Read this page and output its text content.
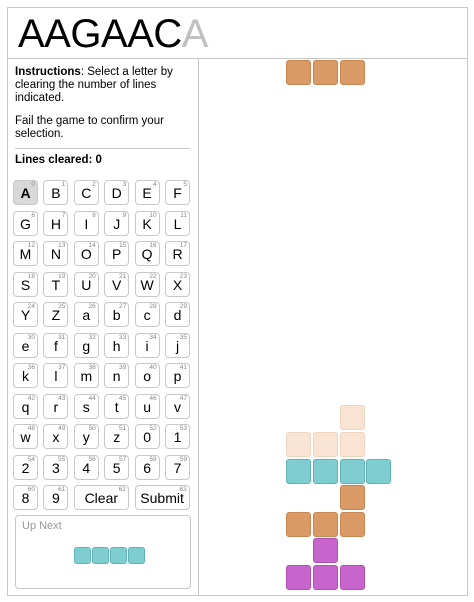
AAGAACA

Instructions: Select a letter by clearing the number of lines indicated.

Fail the game to confirm your selection.

Lines cleared: 0
A
0
B
1
C
2
D
3
E
4
F
5
G
6
H
7
I
8
J
9
K
10
L
11
M
12
N
13
O
14
P
15
Q
16
R
17
S
18
T
19
U
20
V
21
W
22
X
23
Y
24
Z
25
a
26
b
27
c
28
d
29
e
30
f
31
g
32
h
33
i
34
j
35
k
36
l
37
m
38
n
39
o
40
p
41
q
42
r
43
s
44
t
45
u
46
v
47
w
48
x
49
y
50
z
51
0
52
1
53
2
54
3
55
4
56
5
57
6
58
7
59
8
60
9
61
Clear
62
Submit
63
Up Next
